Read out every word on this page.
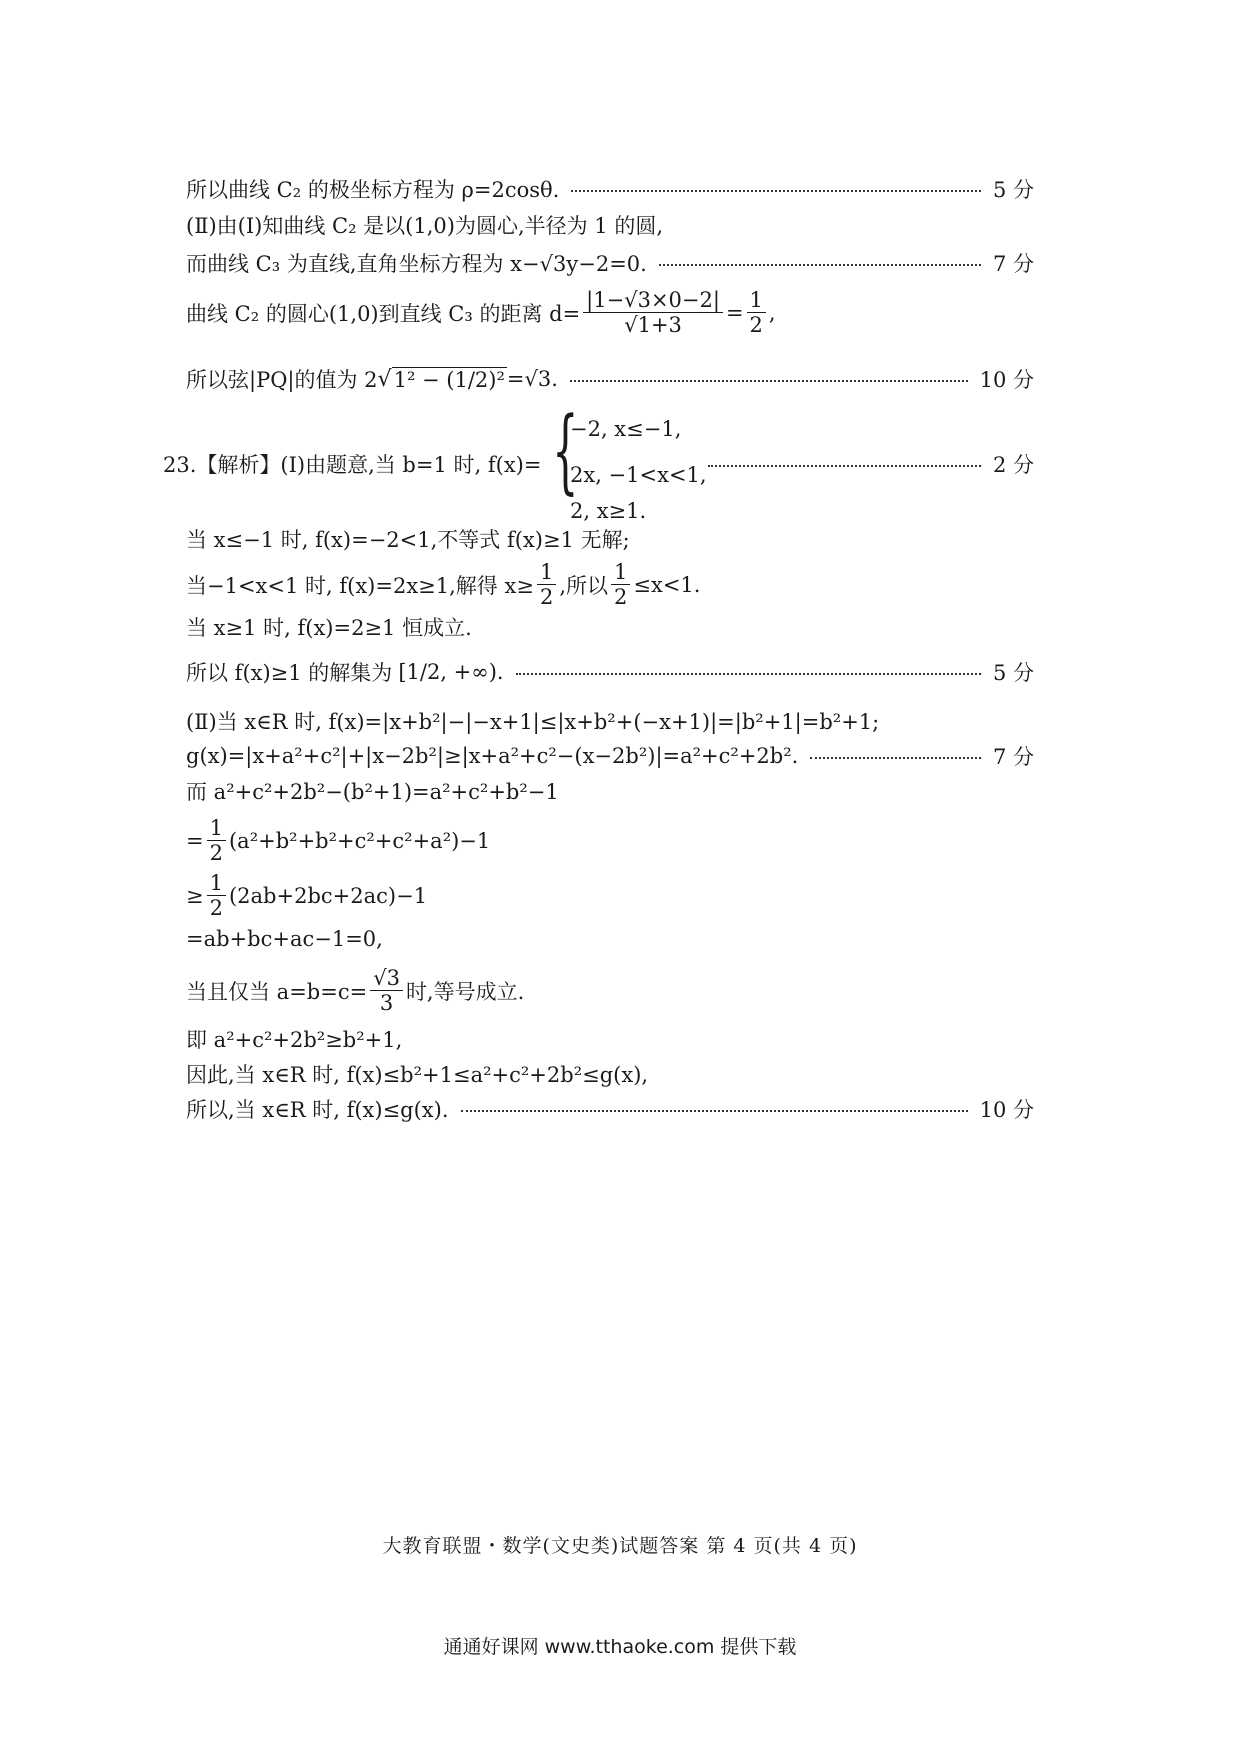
所以曲线 C₂ 的极坐标方程为 ρ=2cosθ.	5 分
(Ⅱ)由(Ⅰ)知曲线 C₂ 是以(1,0)为圆心,半径为 1 的圆,
而曲线 C₃ 为直线,直角坐标方程为 x−√3y−2=0.	7 分
曲线 C₂ 的圆心(1,0)到直线 C₃ 的距离 $d= \frac{|1-√3\times 0-2|}{√1+3} = \frac{1}{2}$ ,
所以弦|PQ|的值为 2 √ 1² − (1/2)² =√3.	10 分
23.【解析】(Ⅰ)由题意,当 b=1 时, f(x)=	2 分
{
−2, x≤−1,
2x, −1<x<1,
2, x≥1.
当 x≤−1 时, f(x)=−2<1,不等式 f(x)≥1 无解;
当−1<x<1 时, f(x)=2x≥1,解得 $x\ge \frac{1}{2}$ ,所以 $\frac{1}{2} \le x<1$.
当 x≥1 时, f(x)=2≥1 恒成立.
所以 f(x)≥1 的解集为 [1/2, +∞).	5 分
(Ⅱ)当 x∈R 时, f(x)=|x+b²|−|−x+1|≤|x+b²+(−x+1)|=|b²+1|=b²+1;
g(x)=|x+a²+c²|+|x−2b²|≥|x+a²+c²−(x−2b²)|=a²+c²+2b².	7 分
而 a²+c²+2b²−(b²+1)=a²+c²+b²−1
= $\frac{1}{2} (a^2+b^2+b^2+c^2+c^2+a^2)-1$
≥ $\frac{1}{2} (2ab+2bc+2ac)-1$
=ab+bc+ac−1=0,
当且仅当 $a=b=c= \frac{√3}{3}$ 时,等号成立.
即 a²+c²+2b²≥b²+1,
因此,当 x∈R 时, f(x)≤b²+1≤a²+c²+2b²≤g(x),
所以,当 x∈R 时, f(x)≤g(x).	10 分
大教育联盟・数学(文史类)试题答案 第 4 页(共 4 页)
通通好课网 www.tthaoke.com 提供下载
